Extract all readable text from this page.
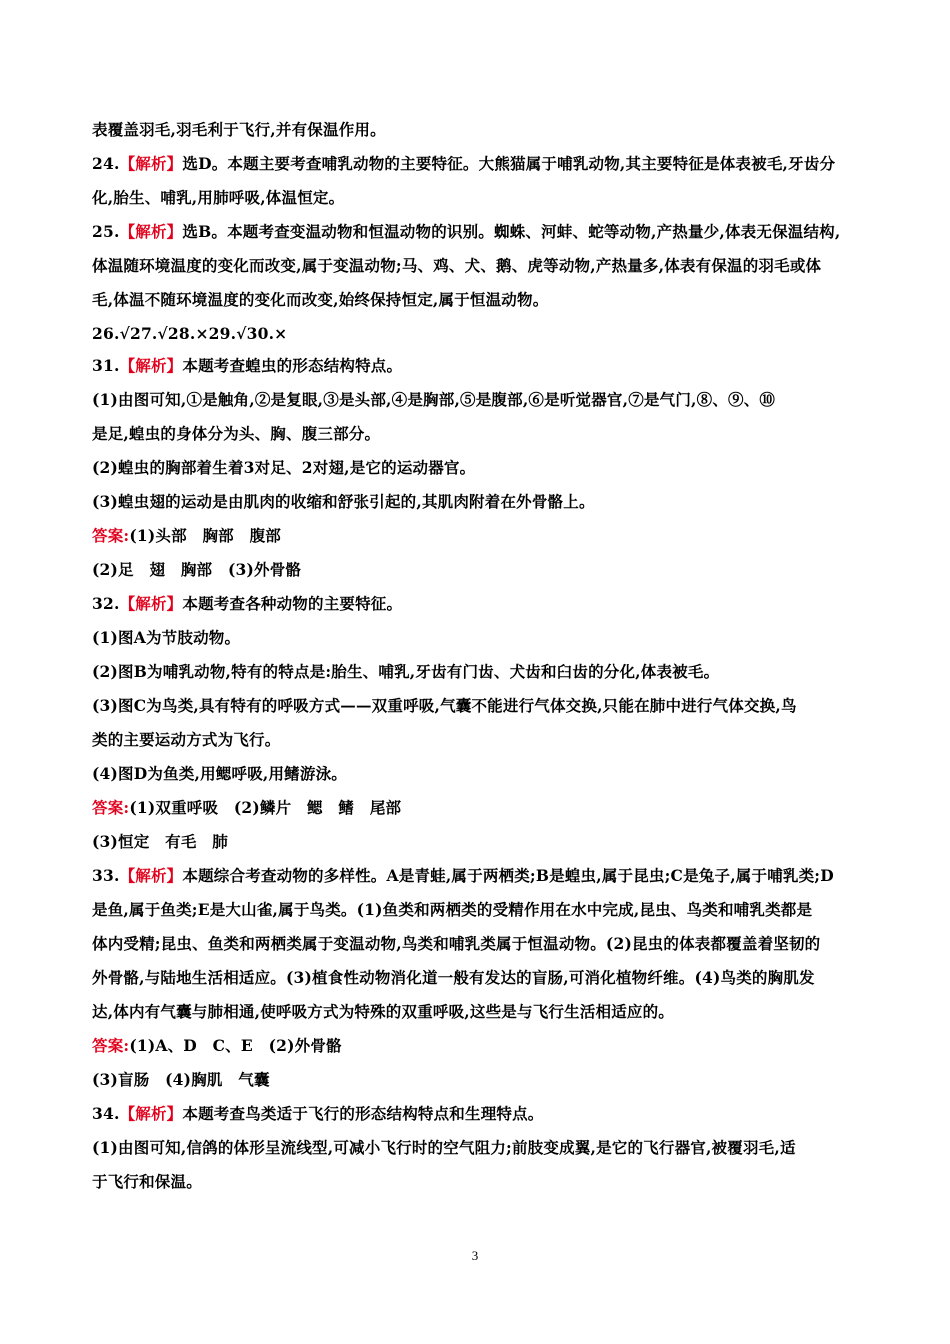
表覆盖羽毛,羽毛利于飞行,并有保温作用。
24.【解析】选D。本题主要考查哺乳动物的主要特征。大熊猫属于哺乳动物,其主要特征是体表被毛,牙齿分
化,胎生、哺乳,用肺呼吸,体温恒定。
25.【解析】选B。本题考查变温动物和恒温动物的识别。蜘蛛、河蚌、蛇等动物,产热量少,体表无保温结构,
体温随环境温度的变化而改变,属于变温动物;马、鸡、犬、鹅、虎等动物,产热量多,体表有保温的羽毛或体
毛,体温不随环境温度的变化而改变,始终保持恒定,属于恒温动物。
26.√27.√28.×29.√30.×
31.【解析】本题考查蝗虫的形态结构特点。
(1)由图可知,①是触角,②是复眼,③是头部,④是胸部,⑤是腹部,⑥是听觉器官,⑦是气门,⑧、⑨、⑩
是足,蝗虫的身体分为头、胸、腹三部分。
(2)蝗虫的胸部着生着3对足、2对翅,是它的运动器官。
(3)蝗虫翅的运动是由肌肉的收缩和舒张引起的,其肌肉附着在外骨骼上。
答案:(1)头部　胸部　腹部
(2)足　翅　胸部　(3)外骨骼
32.【解析】本题考查各种动物的主要特征。
(1)图A为节肢动物。
(2)图B为哺乳动物,特有的特点是:胎生、哺乳,牙齿有门齿、犬齿和臼齿的分化,体表被毛。
(3)图C为鸟类,具有特有的呼吸方式——双重呼吸,气囊不能进行气体交换,只能在肺中进行气体交换,鸟
类的主要运动方式为飞行。
(4)图D为鱼类,用鳃呼吸,用鳍游泳。
答案:(1)双重呼吸　(2)鳞片　鳃　鳍　尾部
(3)恒定　有毛　肺
33.【解析】本题综合考查动物的多样性。A是青蛙,属于两栖类;B是蝗虫,属于昆虫;C是兔子,属于哺乳类;D
是鱼,属于鱼类;E是大山雀,属于鸟类。(1)鱼类和两栖类的受精作用在水中完成,昆虫、鸟类和哺乳类都是
体内受精;昆虫、鱼类和两栖类属于变温动物,鸟类和哺乳类属于恒温动物。(2)昆虫的体表都覆盖着坚韧的
外骨骼,与陆地生活相适应。(3)植食性动物消化道一般有发达的盲肠,可消化植物纤维。(4)鸟类的胸肌发
达,体内有气囊与肺相通,使呼吸方式为特殊的双重呼吸,这些是与飞行生活相适应的。
答案:(1)A、D　C、E　(2)外骨骼
(3)盲肠　(4)胸肌　气囊
34.【解析】本题考查鸟类适于飞行的形态结构特点和生理特点。
(1)由图可知,信鸽的体形呈流线型,可减小飞行时的空气阻力;前肢变成翼,是它的飞行器官,被覆羽毛,适
于飞行和保温。
3
